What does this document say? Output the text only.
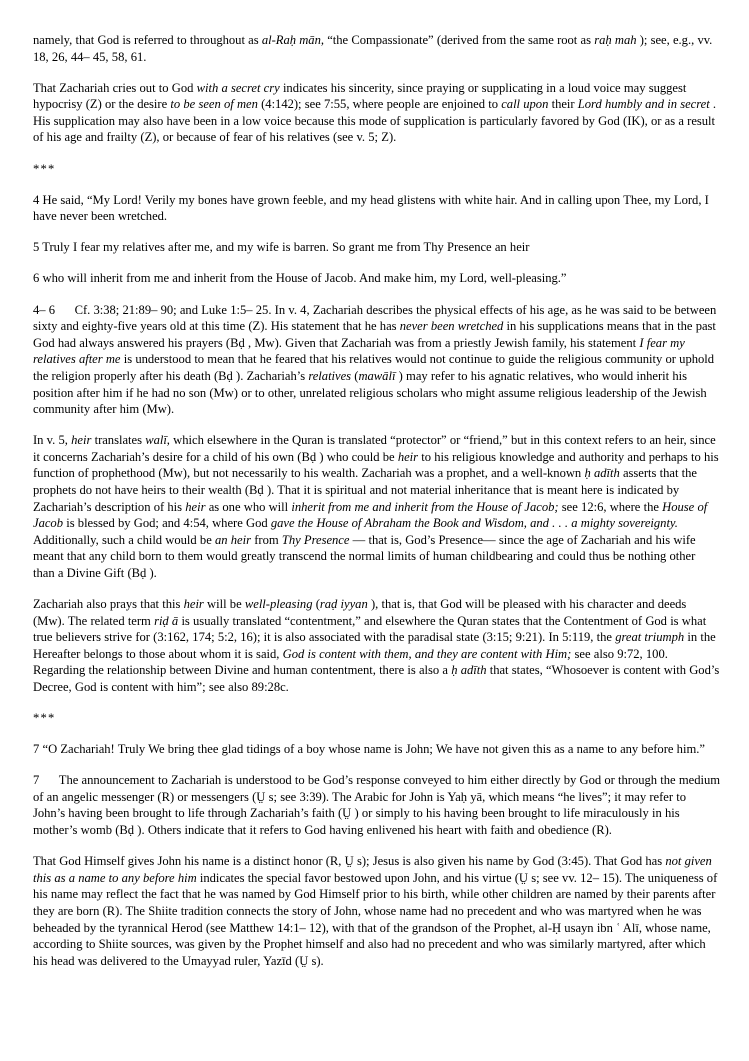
namely, that God is referred to throughout as al-Raḥ mān, “the Compassionate” (derived from the same root as raḥ mah ); see, e.g., vv. 18, 26, 44– 45, 58, 61.
That Zachariah cries out to God with a secret cry indicates his sincerity, since praying or supplicating in a loud voice may suggest hypocrisy (Z) or the desire to be seen of men (4:142); see 7:55, where people are enjoined to call upon their Lord humbly and in secret . His supplication may also have been in a low voice because this mode of supplication is particularly favored by God (IK), or as a result of his age and frailty (Z), or because of fear of his relatives (see v. 5; Z).
***
4 He said, “My Lord! Verily my bones have grown feeble, and my head glistens with white hair. And in calling upon Thee, my Lord, I have never been wretched.
5 Truly I fear my relatives after me, and my wife is barren. So grant me from Thy Presence an heir
6 who will inherit from me and inherit from the House of Jacob. And make him, my Lord, well-pleasing.”
4– 6 Cf. 3:38; 21:89– 90; and Luke 1:5– 25. In v. 4, Zachariah describes the physical effects of his age, as he was said to be between sixty and eighty-five years old at this time (Z). His statement that he has never been wretched in his supplications means that in the past God had always answered his prayers (Bḍ , Mw). Given that Zachariah was from a priestly Jewish family, his statement I fear my relatives after me is understood to mean that he feared that his relatives would not continue to guide the religious community or uphold the religion properly after his death (Bḍ ). Zachariah’s relatives (mawālī ) may refer to his agnatic relatives, who would inherit his position after him if he had no son (Mw) or to other, unrelated religious scholars who might assume religious leadership of the Jewish community after him (Mw).
In v. 5, heir translates walī, which elsewhere in the Quran is translated “protector” or “friend,” but in this context refers to an heir, since it concerns Zachariah’s desire for a child of his own (Bḍ ) who could be heir to his religious knowledge and authority and perhaps to his function of prophethood (Mw), but not necessarily to his wealth. Zachariah was a prophet, and a well-known ḥ adīth asserts that the prophets do not have heirs to their wealth (Bḍ ). That it is spiritual and not material inheritance that is meant here is indicated by Zachariah’s description of his heir as one who will inherit from me and inherit from the House of Jacob; see 12:6, where the House of Jacob is blessed by God; and 4:54, where God gave the House of Abraham the Book and Wisdom, and . . . a mighty sovereignty. Additionally, such a child would be an heir from Thy Presence — that is, God’s Presence— since the age of Zachariah and his wife meant that any child born to them would greatly transcend the normal limits of human childbearing and could thus be nothing other than a Divine Gift (Bḍ ).
Zachariah also prays that this heir will be well-pleasing (raḍ iyyan ), that is, that God will be pleased with his character and deeds (Mw). The related term riḍ ā is usually translated “contentment,” and elsewhere the Quran states that the Contentment of God is what true believers strive for (3:162, 174; 5:2, 16); it is also associated with the paradisal state (3:15; 9:21). In 5:119, the great triumph in the Hereafter belongs to those about whom it is said, God is content with them, and they are content with Him; see also 9:72, 100. Regarding the relationship between Divine and human contentment, there is also a ḥ adīth that states, “Whosoever is content with God’s Decree, God is content with him”; see also 89:28c.
***
7 “O Zachariah! Truly We bring thee glad tidings of a boy whose name is John; We have not given this as a name to any before him.”
7 The announcement to Zachariah is understood to be God’s response conveyed to him either directly by God or through the medium of an angelic messenger (R) or messengers (Ṳ s; see 3:39). The Arabic for John is Yaḥ yā, which means “he lives”; it may refer to John’s having been brought to life through Zachariah’s faith (Ṳ ) or simply to his having been brought to life miraculously in his mother’s womb (Bḍ ). Others indicate that it refers to God having enlivened his heart with faith and obedience (R).
That God Himself gives John his name is a distinct honor (R, Ṳ s); Jesus is also given his name by God (3:45). That God has not given this as a name to any before him indicates the special favor bestowed upon John, and his virtue (Ṳ s; see vv. 12– 15). The uniqueness of his name may reflect the fact that he was named by God Himself prior to his birth, while other children are named by their parents after they are born (R). The Shiite tradition connects the story of John, whose name had no precedent and who was martyred when he was beheaded by the tyrannical Herod (see Matthew 14:1– 12), with that of the grandson of the Prophet, al-Ḥ usayn ibn ʿ Alī, whose name, according to Shiite sources, was given by the Prophet himself and also had no precedent and who was similarly martyred, after which his head was delivered to the Umayyad ruler, Yazīd (Ṳ s).
